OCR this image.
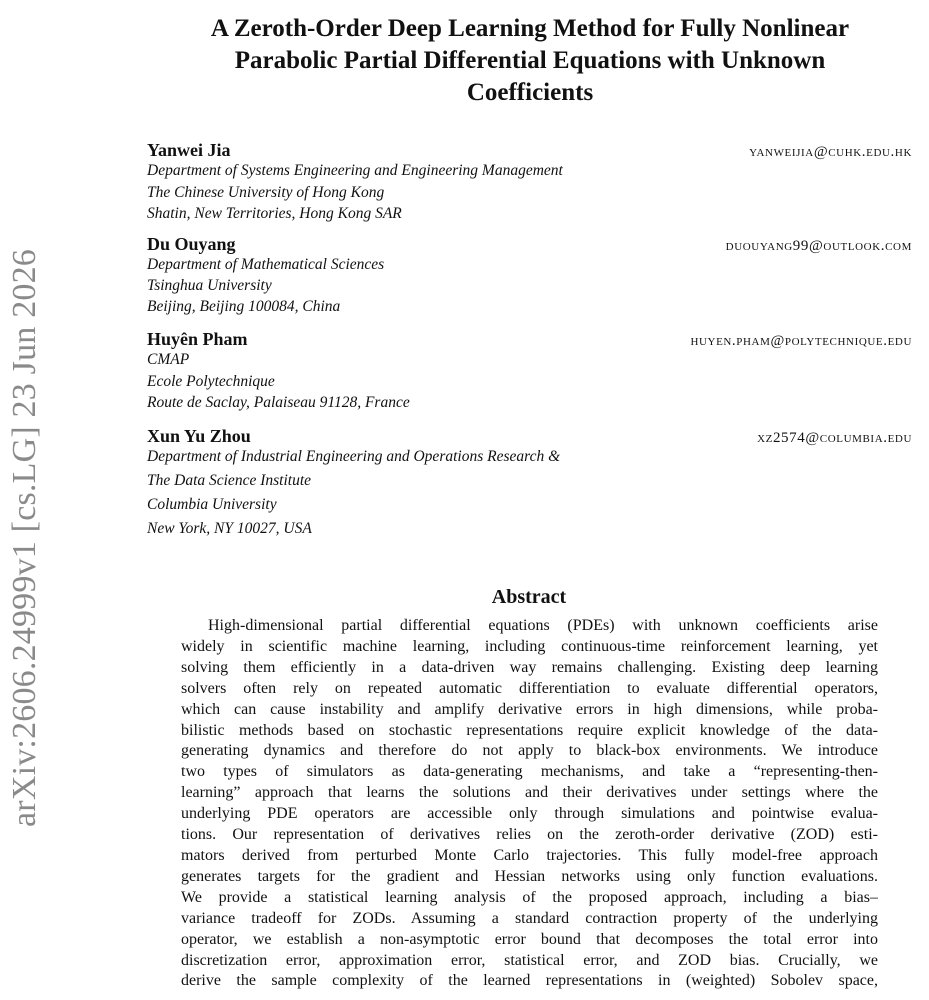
arXiv:2606.24999v1 [cs.LG] 23 Jun 2026
A Zeroth-Order Deep Learning Method for Fully Nonlinear
Parabolic Partial Differential Equations with Unknown
Coefficients
Yanwei Jia	yanweijia@cuhk.edu.hk
Department of Systems Engineering and Engineering Management
The Chinese University of Hong Kong
Shatin, New Territories, Hong Kong SAR
Du Ouyang	duouyang99@outlook.com
Department of Mathematical Sciences
Tsinghua University
Beijing, Beijing 100084, China
Huyên Pham	huyen.pham@polytechnique.edu
CMAP
Ecole Polytechnique
Route de Saclay, Palaiseau 91128, France
Xun Yu Zhou	xz2574@columbia.edu
Department of Industrial Engineering and Operations Research &
The Data Science Institute
Columbia University
New York, NY 10027, USA
Abstract
High-dimensional partial differential equations (PDEs) with unknown coefficients arise
widely in scientific machine learning, including continuous-time reinforcement learning, yet
solving them efficiently in a data-driven way remains challenging. Existing deep learning
solvers often rely on repeated automatic differentiation to evaluate differential operators,
which can cause instability and amplify derivative errors in high dimensions, while proba-
bilistic methods based on stochastic representations require explicit knowledge of the data-
generating dynamics and therefore do not apply to black-box environments. We introduce
two types of simulators as data-generating mechanisms, and take a “representing-then-
learning” approach that learns the solutions and their derivatives under settings where the
underlying PDE operators are accessible only through simulations and pointwise evalua-
tions. Our representation of derivatives relies on the zeroth-order derivative (ZOD) esti-
mators derived from perturbed Monte Carlo trajectories. This fully model-free approach
generates targets for the gradient and Hessian networks using only function evaluations.
We provide a statistical learning analysis of the proposed approach, including a bias–
variance tradeoff for ZODs. Assuming a standard contraction property of the underlying
operator, we establish a non-asymptotic error bound that decomposes the total error into
discretization error, approximation error, statistical error, and ZOD bias. Crucially, we
derive the sample complexity of the learned representations in (weighted) Sobolev space,
